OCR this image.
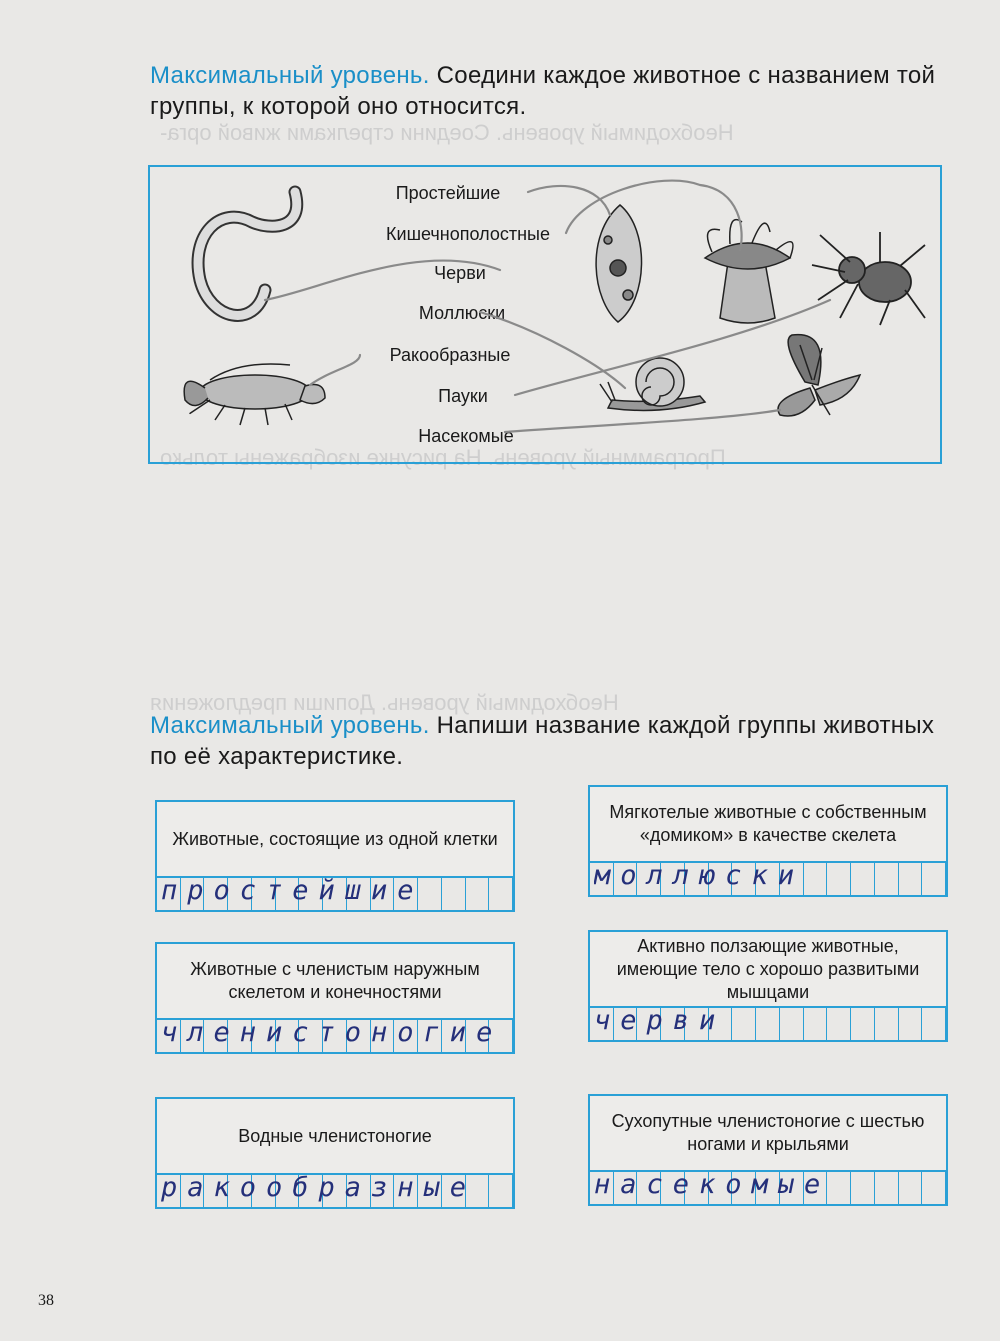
Необходимый уровень. Соедини стрелками живой орга-
Программный уровень. На рисунке изображены только
Необходимый уровень. Допиши предложения
Максимальный уровень. Соедини каждое животное с названием той группы, к которой оно относится.
Простейшие
Кишечнополостные
Черви
Моллюски
Ракообразные
Пауки
Насекомые
Максимальный уровень. Напиши название каждой группы животных по её характеристике.
Животные, состоящие из одной клетки
простейшие
Мягкотелые животные с собственным «домиком» в качестве скелета
моллюски
Животные с членистым наружным скелетом и конечностями
членистоногие
Активно ползающие животные, имеющие тело с хорошо развитыми мышцами
черви
Водные членистоногие
ракообразные
Сухопутные членистоногие с шестью ногами и крыльями
насекомые
38
